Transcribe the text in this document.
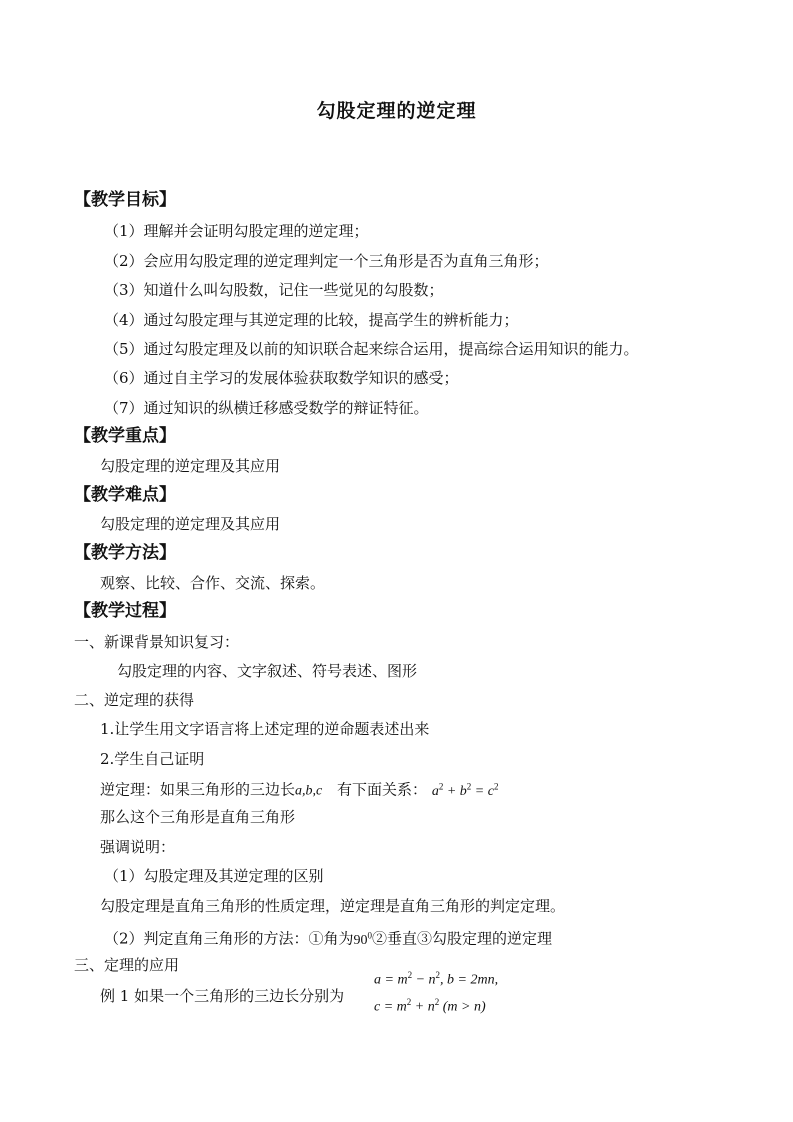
勾股定理的逆定理
【教学目标】
（1）理解并会证明勾股定理的逆定理；
（2）会应用勾股定理的逆定理判定一个三角形是否为直角三角形；
（3）知道什么叫勾股数，记住一些觉见的勾股数；
（4）通过勾股定理与其逆定理的比较，提高学生的辨析能力；
（5）通过勾股定理及以前的知识联合起来综合运用，提高综合运用知识的能力。
（6）通过自主学习的发展体验获取数学知识的感受；
（7）通过知识的纵横迁移感受数学的辩证特征。
【教学重点】
勾股定理的逆定理及其应用
【教学难点】
勾股定理的逆定理及其应用
【教学方法】
观察、比较、合作、交流、探索。
【教学过程】
一、新课背景知识复习：
勾股定理的内容、文字叙述、符号表述、图形
二、逆定理的获得
1.让学生用文字语言将上述定理的逆命题表述出来
2.学生自己证明
逆定理：如果三角形的三边长a,b,c 有下面关系： $a^2 + b^2 = c^2$
那么这个三角形是直角三角形
强调说明：
（1）勾股定理及其逆定理的区别
勾股定理是直角三角形的性质定理，逆定理是直角三角形的判定定理。
（2）判定直角三角形的方法：①角为$90^0②$垂直③勾股定理的逆定理
三、定理的应用
例 1 如果一个三角形的三边长分别为
$a = m^2 - n^2$, b = 2mn,
$c = m^2 + n^2$ (m > n)
